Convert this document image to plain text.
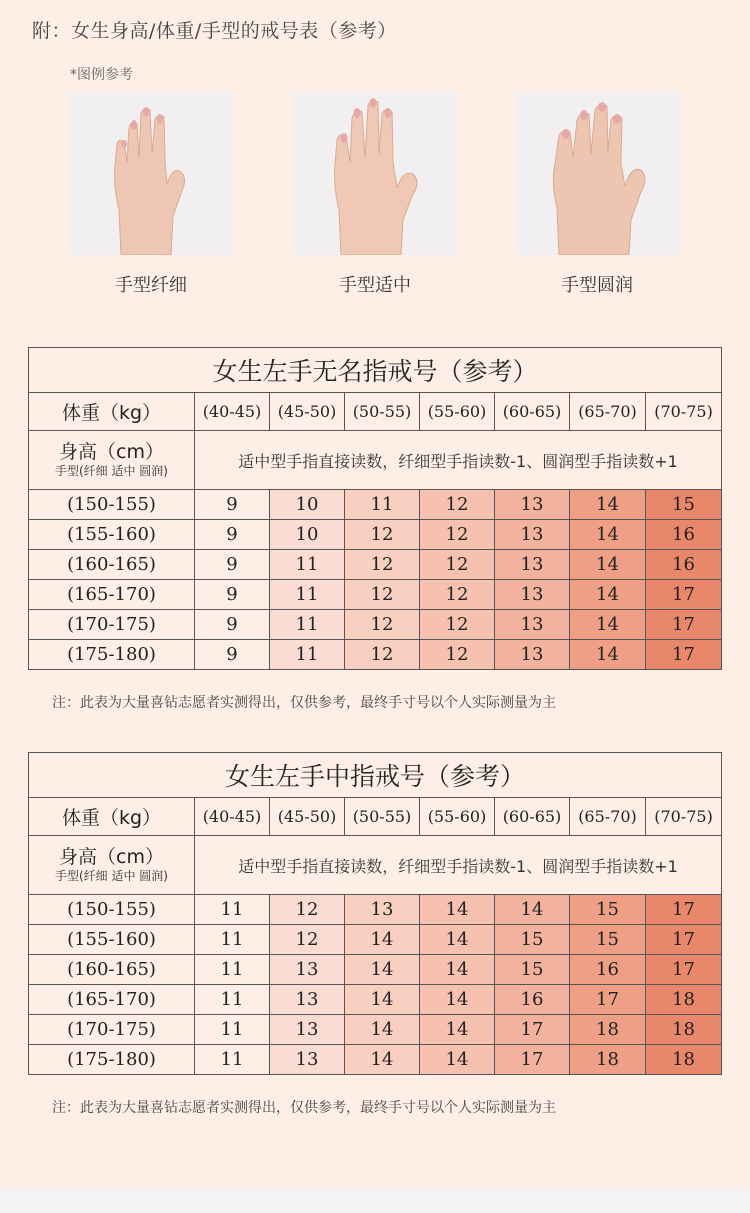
附：女生身高/体重/手型的戒号表（参考）
*图例参考
手型纤细	手型适中	手型圆润
女生左手无名指戒号（参考）							
体重（kg）	(40-45)	(45-50)	(50-55)	(55-60)	(60-65)	(65-70)	(70-75)
身高（cm）
手型(纤细 适中 圆润)	适中型手指直接读数，纤细型手指读数-1、圆润型手指读数+1						
(150-155)	9	10	11	12	13	14	15
(155-160)	9	10	12	12	13	14	16
(160-165)	9	11	12	12	13	14	16
(165-170)	9	11	12	12	13	14	17
(170-175)	9	11	12	12	13	14	17
(175-180)	9	11	12	12	13	14	17
注：此表为大量喜钻志愿者实测得出，仅供参考，最终手寸号以个人实际测量为主
女生左手中指戒号（参考）							
体重（kg）	(40-45)	(45-50)	(50-55)	(55-60)	(60-65)	(65-70)	(70-75)
身高（cm）
手型(纤细 适中 圆润)	适中型手指直接读数，纤细型手指读数-1、圆润型手指读数+1						
(150-155)	11	12	13	14	14	15	17
(155-160)	11	12	14	14	15	15	17
(160-165)	11	13	14	14	15	16	17
(165-170)	11	13	14	14	16	17	18
(170-175)	11	13	14	14	17	18	18
(175-180)	11	13	14	14	17	18	18
注：此表为大量喜钻志愿者实测得出，仅供参考，最终手寸号以个人实际测量为主
